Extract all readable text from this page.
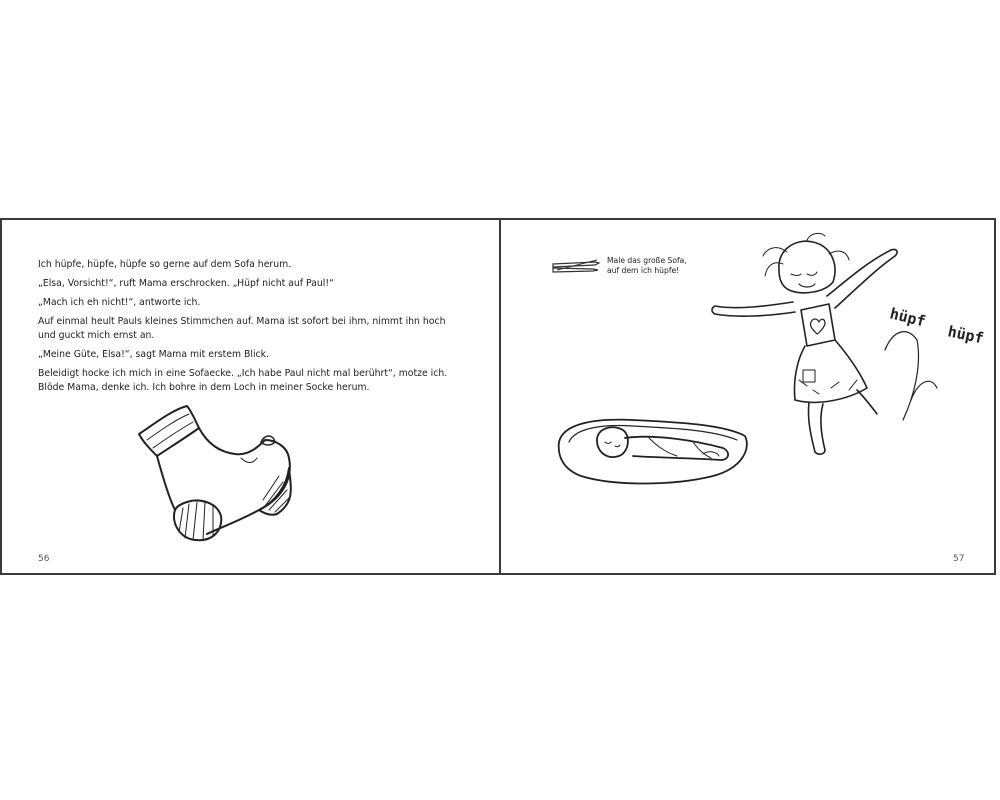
Ich hüpfe, hüpfe, hüpfe so gerne auf dem Sofa herum.

„Elsa, Vorsicht!“, ruft Mama erschrocken. „Hüpf nicht auf Paul!“

„Mach ich eh nicht!“, antworte ich.

Auf einmal heult Pauls kleines Stimmchen auf. Mama ist sofort bei ihm, nimmt ihn hoch und guckt mich ernst an.

„Meine Güte, Elsa!“, sagt Mama mit erstem Blick.

Beleidigt hocke ich mich in eine Sofaecke. „Ich habe Paul nicht mal berührt“, motze ich. Blöde Mama, denke ich. Ich bohre in dem Loch in meiner Socke herum.

56
Male das große Sofa,
auf dem ich hüpfe!
hüpf
hüpf
57
